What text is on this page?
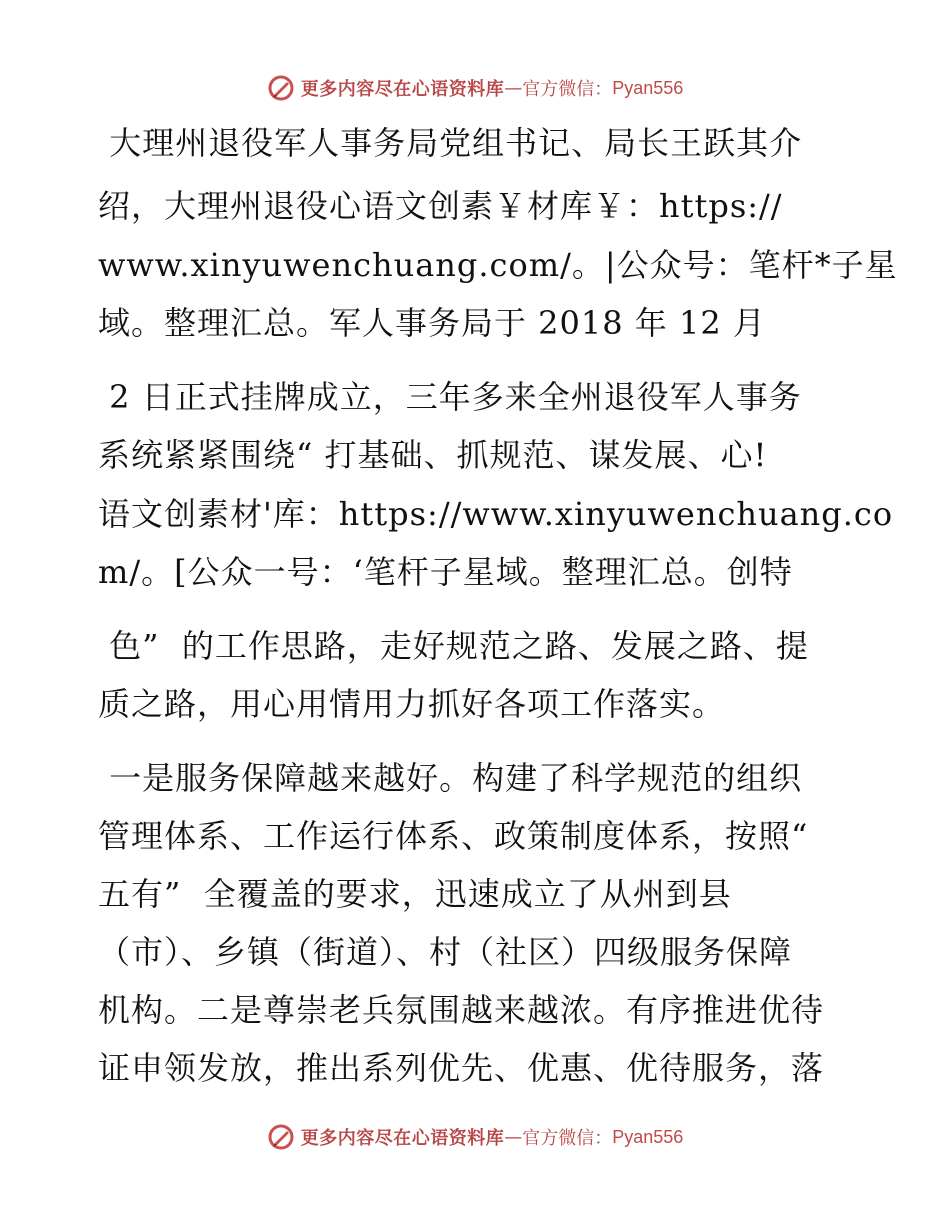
更多内容尽在心语资料库 — 官方微信： Pyan556
大理州退役军人事务局党组书记、局长王跃其介
绍，大理州退役心语文创素￥材库￥：https://
www.xinyuwenchuang.com/。|公众号：笔杆*子星
域。整理汇总。军人事务局于 2018 年 12 月
2 日正式挂牌成立，三年多来全州退役军人事务
系统紧紧围绕“ 打基础、抓规范、谋发展、心!
语文创素材'库：https://www.xinyuwenchuang.co
m/。[公众一号：‘笔杆子星域。整理汇总。创特
色”  的工作思路，走好规范之路、发展之路、提
质之路，用心用情用力抓好各项工作落实。
一是服务保障越来越好。构建了科学规范的组织
管理体系、工作运行体系、政策制度体系，按照“
五有”  全覆盖的要求，迅速成立了从州到县
（市）、乡镇（街道）、村（社区）四级服务保障
机构。二是尊崇老兵氛围越来越浓。有序推进优待
证申领发放，推出系列优先、优惠、优待服务，落
更多内容尽在心语资料库 — 官方微信： Pyan556
